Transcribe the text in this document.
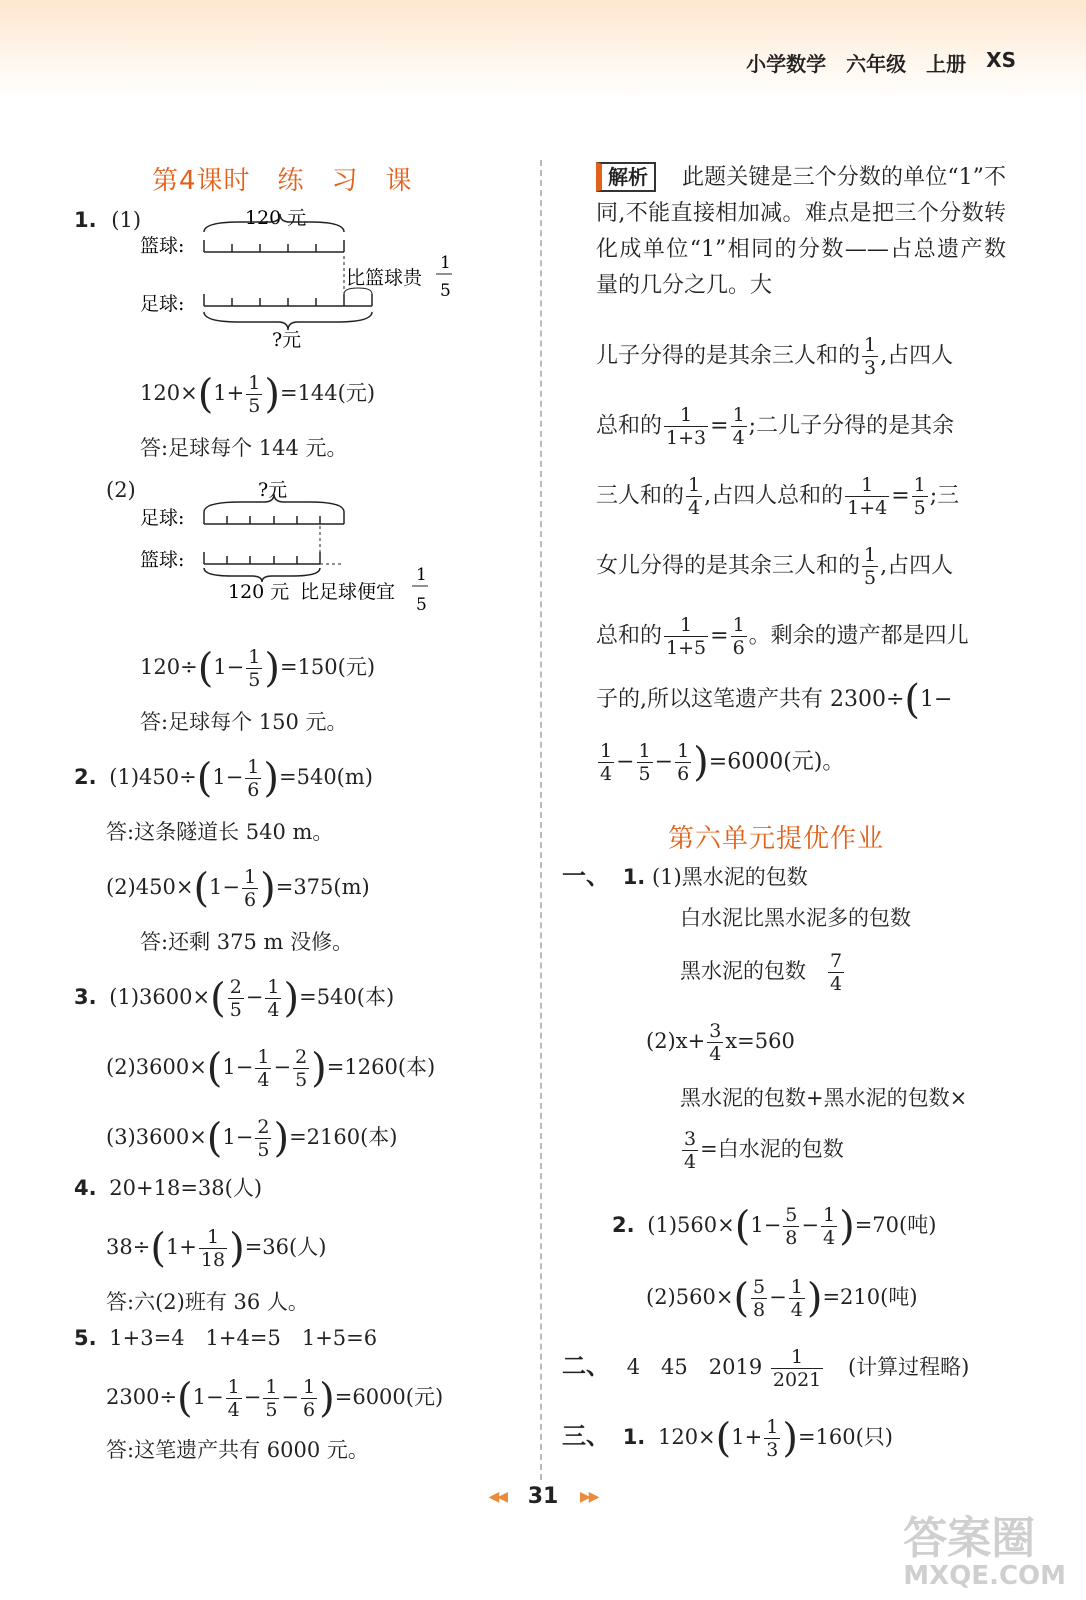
小学数学 六年级 上册 XS
第4课时　练　习　课
1. (1)	120 元
篮球:
比篮球贵
1
5
足球:
?元
$120\times(1+ \frac{1}{5} )=144$(元)
答:足球每个 144 元。
(2)	?元
足球:
篮球:
120 元 比足球便宜
1
5
$120\div(1- \frac{1}{5} )=150$(元)
答:足球每个 150 元。
2. $(1)450\div(1- \frac{1}{6} )=540(m)$
答:这条隧道长 540 m。
$(2)450\times(1- \frac{1}{6} )=375(m)$
答:还剩 375 m 没修。
3. $(1)3600\times( \frac{2}{5} - \frac{1}{4} )=540$(本)
$(2)3600\times(1- \frac{1}{4} - \frac{2}{5} )=1260$(本)
$(3)3600\times(1- \frac{2}{5} )=2160$(本)
4. 20+18=38(人)
$38\div(1+ \frac{1}{18} )=36$(人)
答:六(2)班有 36 人。
5. 1+3=4　1+4=5　1+5=6
$2300\div(1- \frac{1}{4} - \frac{1}{5} - \frac{1}{6} )=6000$(元)
答:这笔遗产共有 6000 元。
解析	此题关键是三个分数的单位“1”不同,不能直接相加减。难点是把三个分数转化成单位“1”相同的分数——占总遗产数量的几分之几。大
儿子分得的是其余三人和的 $\frac{1}{3}$ ,占四人
总和的 $\frac{1}{1+3} = \frac{1}{4}$ ;二儿子分得的是其余
三人和的 $\frac{1}{4}$ ,占四人总和的 $\frac{1}{1+4} = \frac{1}{5}$ ;三
女儿分得的是其余三人和的 $\frac{1}{5}$ ,占四人
总和的 $\frac{1}{1+5} = \frac{1}{6}$ 。剩余的遗产都是四儿
子的,所以这笔遗产共有 2300÷(1−
$\frac{1}{4} - \frac{1}{5} - \frac{1}{6} )=6000$(元)。
第六单元提优作业
一、 1. (1)黑水泥的包数
白水泥比黑水泥多的包数
黑水泥的包数 $\frac{7}{4}$
$(2)x+ \frac{3}{4} x=560$
黑水泥的包数+黑水泥的包数×
$\frac{3}{4}$ =白水泥的包数
2. $(1)560\times(1- \frac{5}{8} - \frac{1}{4} )=70$(吨)
$(2)560\times( \frac{5}{8} - \frac{1}{4} )=210$(吨)
二、 4　45　$2019 \frac{1}{2021}$ (计算过程略)
三、 1. $120\times(1+ \frac{1}{3} )=160$(只)
◀◀ 31 ▶▶
答案圈
MXQE.COM
